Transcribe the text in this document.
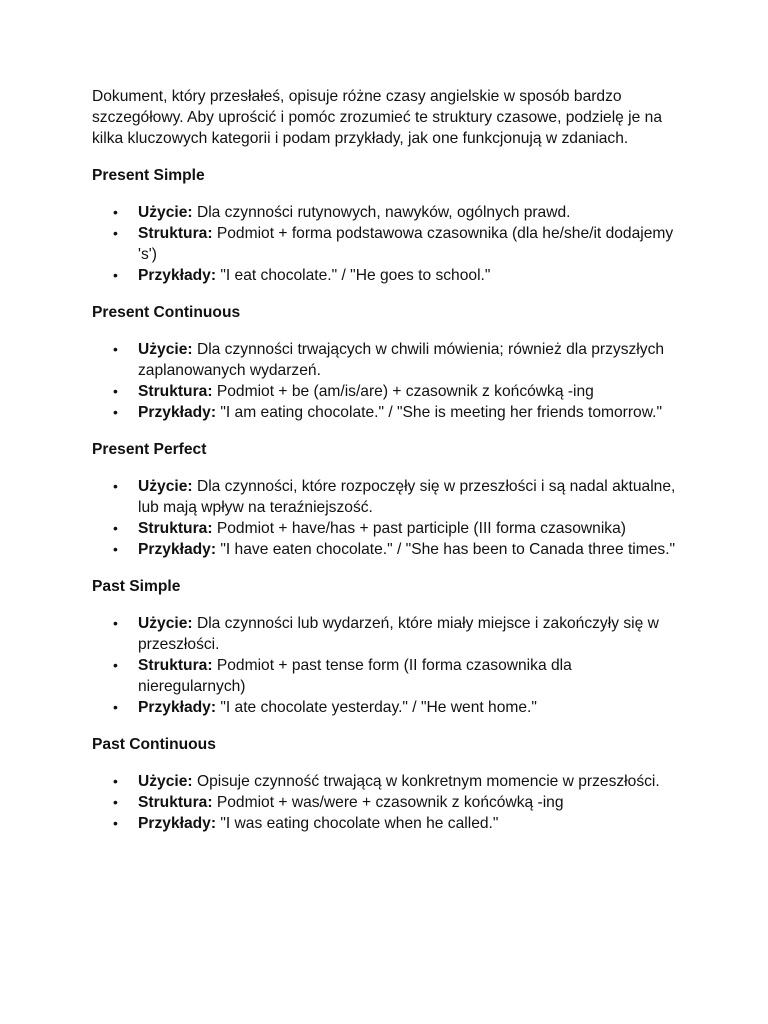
Dokument, który przesłałeś, opisuje różne czasy angielskie w sposób bardzo szczegółowy. Aby uprościć i pomóc zrozumieć te struktury czasowe, podzielę je na kilka kluczowych kategorii i podam przykłady, jak one funkcjonują w zdaniach.

Present Simple

• Użycie: Dla czynności rutynowych, nawyków, ogólnych prawd.
• Struktura: Podmiot + forma podstawowa czasownika (dla he/she/it dodajemy 's')
• Przykłady: "I eat chocolate." / "He goes to school."

Present Continuous

• Użycie: Dla czynności trwających w chwili mówienia; również dla przyszłych zaplanowanych wydarzeń.
• Struktura: Podmiot + be (am/is/are) + czasownik z końcówką -ing
• Przykłady: "I am eating chocolate." / "She is meeting her friends tomorrow."

Present Perfect

• Użycie: Dla czynności, które rozpoczęły się w przeszłości i są nadal aktualne, lub mają wpływ na teraźniejszość.
• Struktura: Podmiot + have/has + past participle (III forma czasownika)
• Przykłady: "I have eaten chocolate." / "She has been to Canada three times."

Past Simple

• Użycie: Dla czynności lub wydarzeń, które miały miejsce i zakończyły się w przeszłości.
• Struktura: Podmiot + past tense form (II forma czasownika dla nieregularnych)
• Przykłady: "I ate chocolate yesterday." / "He went home."

Past Continuous

• Użycie: Opisuje czynność trwającą w konkretnym momencie w przeszłości.
• Struktura: Podmiot + was/were + czasownik z końcówką -ing
• Przykłady: "I was eating chocolate when he called."
